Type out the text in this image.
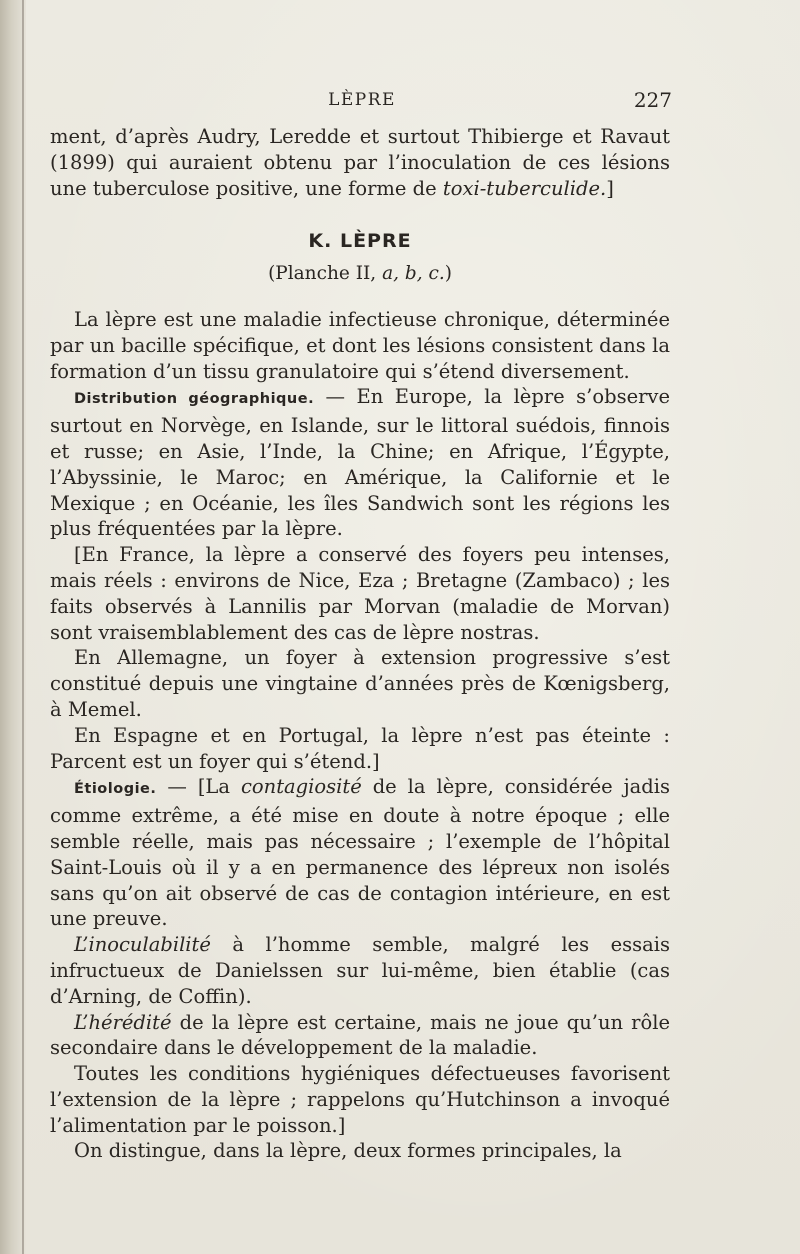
LÈPRE	227

ment, d’après Audry, Leredde et surtout Thibierge et Ravaut (1899) qui auraient obtenu par l’inoculation de ces lésions une tuberculose positive, une forme de toxi-tuberculide.]

K. LÈPRE
(Planche II, a, b, c.)

La lèpre est une maladie infectieuse chronique, déterminée par un bacille spécifique, et dont les lésions consistent dans la formation d’un tissu granulatoire qui s’étend diversement.

Distribution géographique. — En Europe, la lèpre s’observe surtout en Norvège, en Islande, sur le littoral suédois, finnois et russe; en Asie, l’Inde, la Chine; en Afrique, l’Égypte, l’Abyssinie, le Maroc; en Amérique, la Californie et le Mexique ; en Océanie, les îles Sandwich sont les régions les plus fréquentées par la lèpre.

[En France, la lèpre a conservé des foyers peu intenses, mais réels : environs de Nice, Eza ; Bretagne (Zambaco) ; les faits observés à Lannilis par Morvan (maladie de Morvan) sont vraisemblablement des cas de lèpre nostras.

En Allemagne, un foyer à extension progressive s’est constitué depuis une vingtaine d’années près de Kœnigsberg, à Memel.

En Espagne et en Portugal, la lèpre n’est pas éteinte : Parcent est un foyer qui s’étend.]

Étiologie. — [La contagiosité de la lèpre, considérée jadis comme extrême, a été mise en doute à notre époque ; elle semble réelle, mais pas nécessaire ; l’exemple de l’hôpital Saint-Louis où il y a en permanence des lépreux non isolés sans qu’on ait observé de cas de contagion intérieure, en est une preuve.

L’inoculabilité à l’homme semble, malgré les essais infructueux de Danielssen sur lui-même, bien établie (cas d’Arning, de Coffin).

L’hérédité de la lèpre est certaine, mais ne joue qu’un rôle secondaire dans le développement de la maladie.

Toutes les conditions hygiéniques défectueuses favorisent l’extension de la lèpre ; rappelons qu’Hutchinson a invoqué l’alimentation par le poisson.]

On distingue, dans la lèpre, deux formes principales, la
